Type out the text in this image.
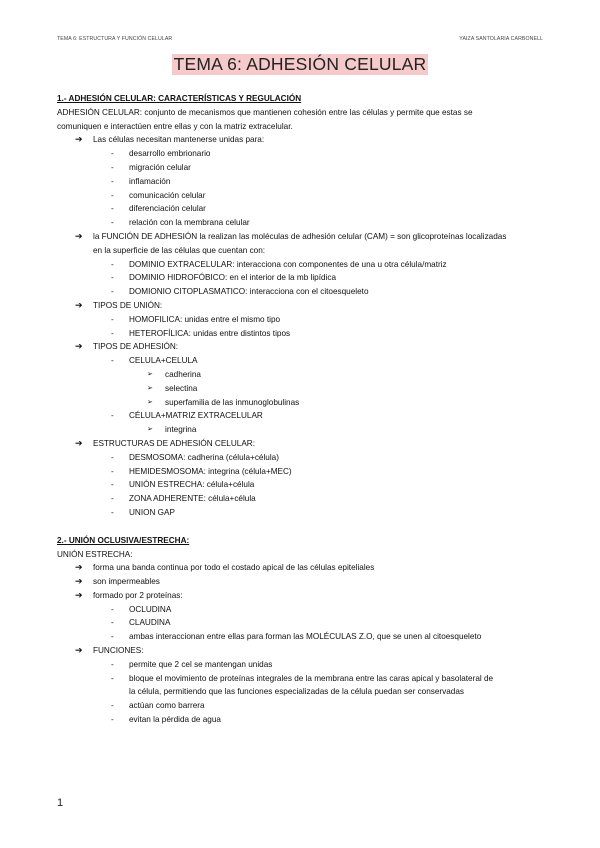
TEMA 6: ESTRUCTURA Y FUNCIÓN CELULAR	YAIZA SANTOLARIA CARBONELL
TEMA 6: ADHESIÓN CELULAR
1.- ADHESIÓN CELULAR: CARACTERÍSTICAS Y REGULACIÓN
ADHESIÓN CELULAR: conjunto de mecanismos que mantienen cohesión entre las células y permite que estas se
comuniquen e interactúen entre ellas y con la matriz extracelular.
➔ Las células necesitan mantenerse unidas para:
- desarrollo embrionario
- migración celular
- inflamación
- comunicación celular
- diferenciación celular
- relación con la membrana celular
➔ la FUNCIÓN DE ADHESIÓN la realizan las moléculas de adhesión celular (CAM) = son glicoproteínas localizadas
en la superficie de las células que cuentan con:
- DOMINIO EXTRACELULAR: interacciona con componentes de una u otra célula/matriz
- DOMINIO HIDROFÓBICO: en el interior de la mb lipídica
- DOMIONIO CITOPLASMATICO: interacciona con el citoesqueleto
➔ TIPOS DE UNIÓN:
- HOMOFILICA: unidas entre el mismo tipo
- HETEROFÍLICA: unidas entre distintos tipos
➔ TIPOS DE ADHESIÓN:
- CELULA+CELULA
➢ cadherina
➢ selectina
➢ superfamilia de las inmunoglobulinas
- CÉLULA+MATRIZ EXTRACELULAR
➢ integrina
➔ ESTRUCTURAS DE ADHESIÓN CELULAR:
- DESMOSOMA: cadherina (célula+célula)
- HEMIDESMOSOMA: integrina (célula+MEC)
- UNIÓN ESTRECHA: célula+célula
- ZONA ADHERENTE: célula+célula
- UNION GAP
2.- UNIÓN OCLUSIVA/ESTRECHA:
UNIÓN ESTRECHA:
➔ forma una banda continua por todo el costado apical de las células epiteliales
➔ son impermeables
➔ formado por 2 proteínas:
- OCLUDINA
- CLAUDINA
- ambas interaccionan entre ellas para forman las MOLÉCULAS Z.O, que se unen al citoesqueleto
➔ FUNCIONES:
- permite que 2 cel se mantengan unidas
- bloque el movimiento de proteínas integrales de la membrana entre las caras apical y basolateral de
la célula, permitiendo que las funciones especializadas de la célula puedan ser conservadas
- actúan como barrera
- evitan la pérdida de agua
1
